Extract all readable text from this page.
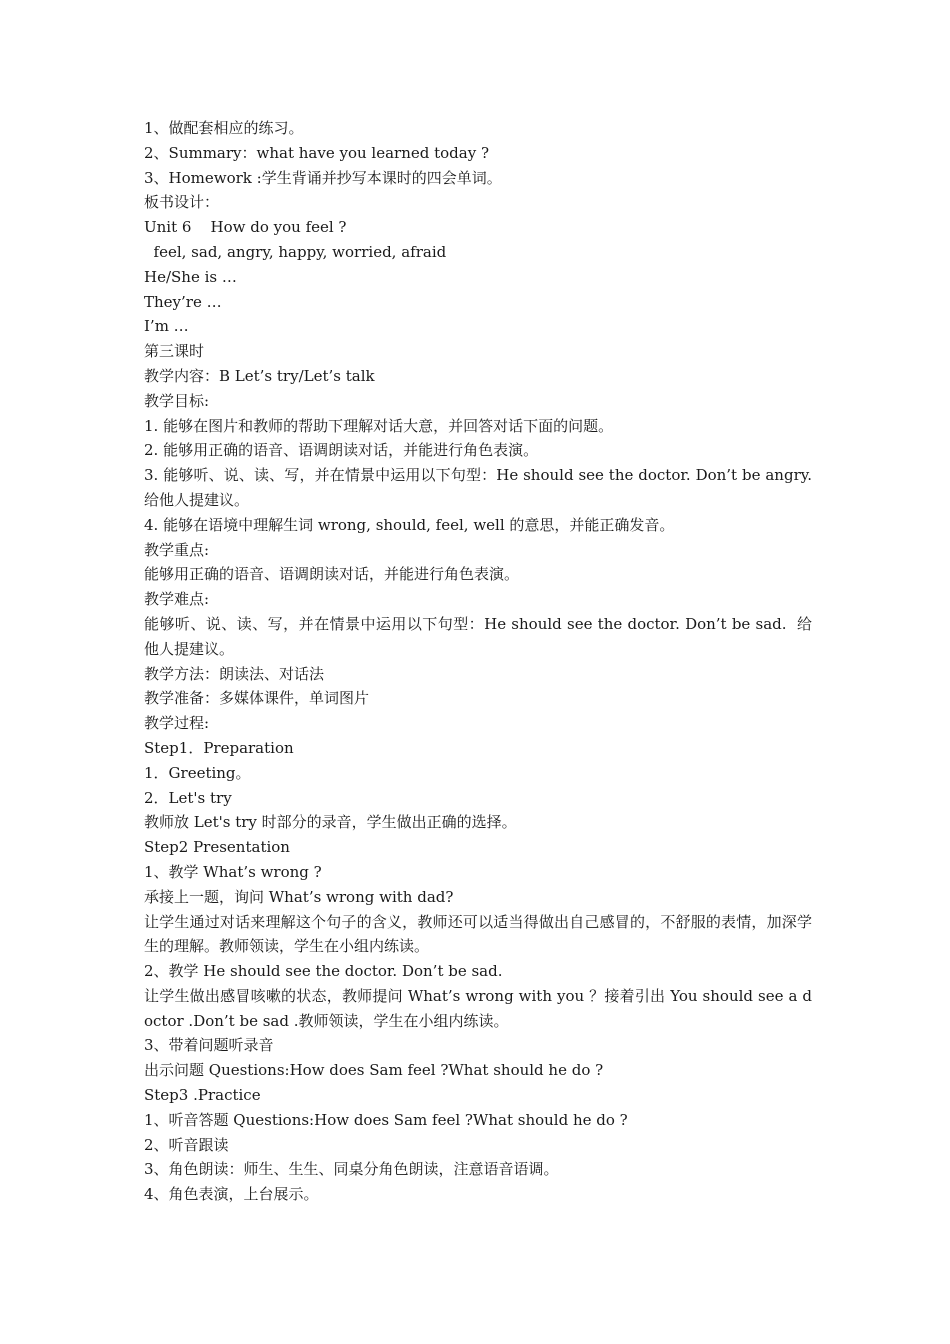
1、做配套相应的练习。
2、Summary：what have you learned today ?
3、Homework :学生背诵并抄写本课时的四会单词。
板书设计：
Unit 6    How do you feel ?
feel, sad, angry, happy, worried, afraid
He/She is …
They’re …
I’m …
第三课时
教学内容：B Let’s try/Let’s talk
教学目标:
1. 能够在图片和教师的帮助下理解对话大意，并回答对话下面的问题。
2. 能够用正确的语音、语调朗读对话，并能进行角色表演。
3. 能够听、说、读、写，并在情景中运用以下句型：He should see the doctor. Don’t be angry. 给他人提建议。
4. 能够在语境中理解生词 wrong, should, feel, well 的意思，并能正确发音。
教学重点:
能够用正确的语音、语调朗读对话，并能进行角色表演。
教学难点:
能够听、说、读、写，并在情景中运用以下句型：He should see the doctor. Don’t be sad.  给他人提建议。
教学方法：朗读法、对话法
教学准备：多媒体课件，单词图片
教学过程:
Step1．Preparation
1．Greeting。
2．Let's try
教师放 Let's try 时部分的录音，学生做出正确的选择。
Step2 Presentation
1、教学 What’s wrong ?
承接上一题，询问 What’s wrong with dad?
让学生通过对话来理解这个句子的含义，教师还可以适当得做出自己感冒的，不舒服的表情，加深学生的理解。教师领读，学生在小组内练读。
2、教学 He should see the doctor. Don’t be sad.
让学生做出感冒咳嗽的状态，教师提问 What’s wrong with you ？接着引出 You should see a doctor .Don’t be sad .教师领读，学生在小组内练读。
3、带着问题听录音
出示问题 Questions:How does Sam feel ?What should he do ?
Step3 .Practice
1、听音答题 Questions:How does Sam feel ?What should he do ?
2、听音跟读
3、角色朗读：师生、生生、同桌分角色朗读，注意语音语调。
4、角色表演，上台展示。
